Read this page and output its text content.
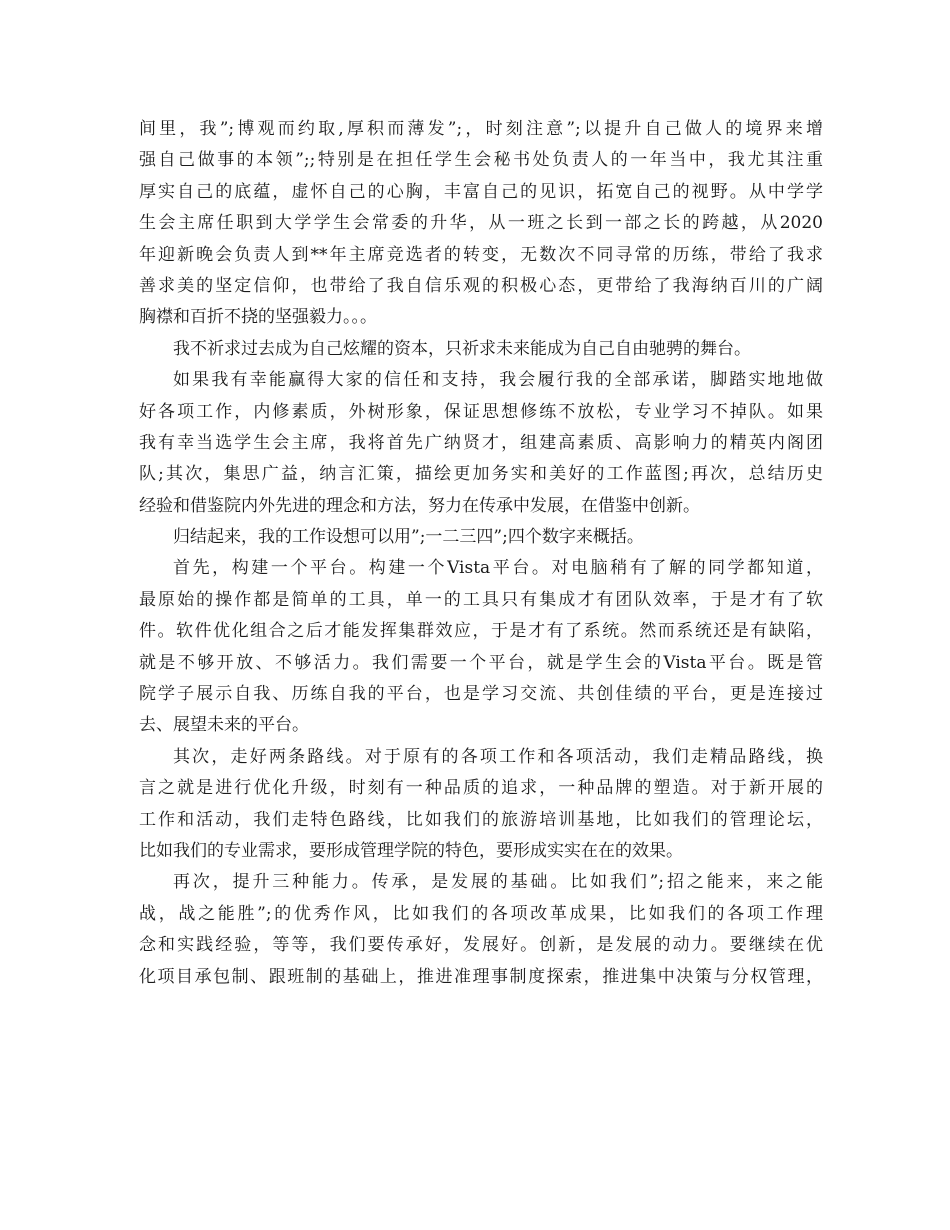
间里，我”;博观而约取,厚积而薄发”;，时刻注意”;以提升自己做人的境界来增
强自己做事的本领”;;特别是在担任学生会秘书处负责人的一年当中，我尤其注重
厚实自己的底蕴，虚怀自己的心胸，丰富自己的见识，拓宽自己的视野。从中学学
生会主席任职到大学学生会常委的升华，从一班之长到一部之长的跨越，从2020
年迎新晚会负责人到**年主席竞选者的转变，无数次不同寻常的历练，带给了我求
善求美的坚定信仰，也带给了我自信乐观的积极心态，更带给了我海纳百川的广阔
胸襟和百折不挠的坚强毅力。。。
我不祈求过去成为自己炫耀的资本，只祈求未来能成为自己自由驰骋的舞台。
如果我有幸能赢得大家的信任和支持，我会履行我的全部承诺，脚踏实地地做
好各项工作，内修素质，外树形象，保证思想修练不放松，专业学习不掉队。如果
我有幸当选学生会主席，我将首先广纳贤才，组建高素质、高影响力的精英内阁团
队;其次，集思广益，纳言汇策，描绘更加务实和美好的工作蓝图;再次，总结历史
经验和借鉴院内外先进的理念和方法，努力在传承中发展，在借鉴中创新。
归结起来，我的工作设想可以用”;一二三四”;四个数字来概括。
首先，构建一个平台。构建一个Vista平台。对电脑稍有了解的同学都知道，
最原始的操作都是简单的工具，单一的工具只有集成才有团队效率，于是才有了软
件。软件优化组合之后才能发挥集群效应，于是才有了系统。然而系统还是有缺陷，
就是不够开放、不够活力。我们需要一个平台，就是学生会的Vista平台。既是管
院学子展示自我、历练自我的平台，也是学习交流、共创佳绩的平台，更是连接过
去、展望未来的平台。
其次，走好两条路线。对于原有的各项工作和各项活动，我们走精品路线，换
言之就是进行优化升级，时刻有一种品质的追求，一种品牌的塑造。对于新开展的
工作和活动，我们走特色路线，比如我们的旅游培训基地，比如我们的管理论坛，
比如我们的专业需求，要形成管理学院的特色，要形成实实在在的效果。
再次，提升三种能力。传承，是发展的基础。比如我们”;招之能来，来之能
战，战之能胜”;的优秀作风，比如我们的各项改革成果，比如我们的各项工作理
念和实践经验，等等，我们要传承好，发展好。创新，是发展的动力。要继续在优
化项目承包制、跟班制的基础上，推进准理事制度探索，推进集中决策与分权管理，
